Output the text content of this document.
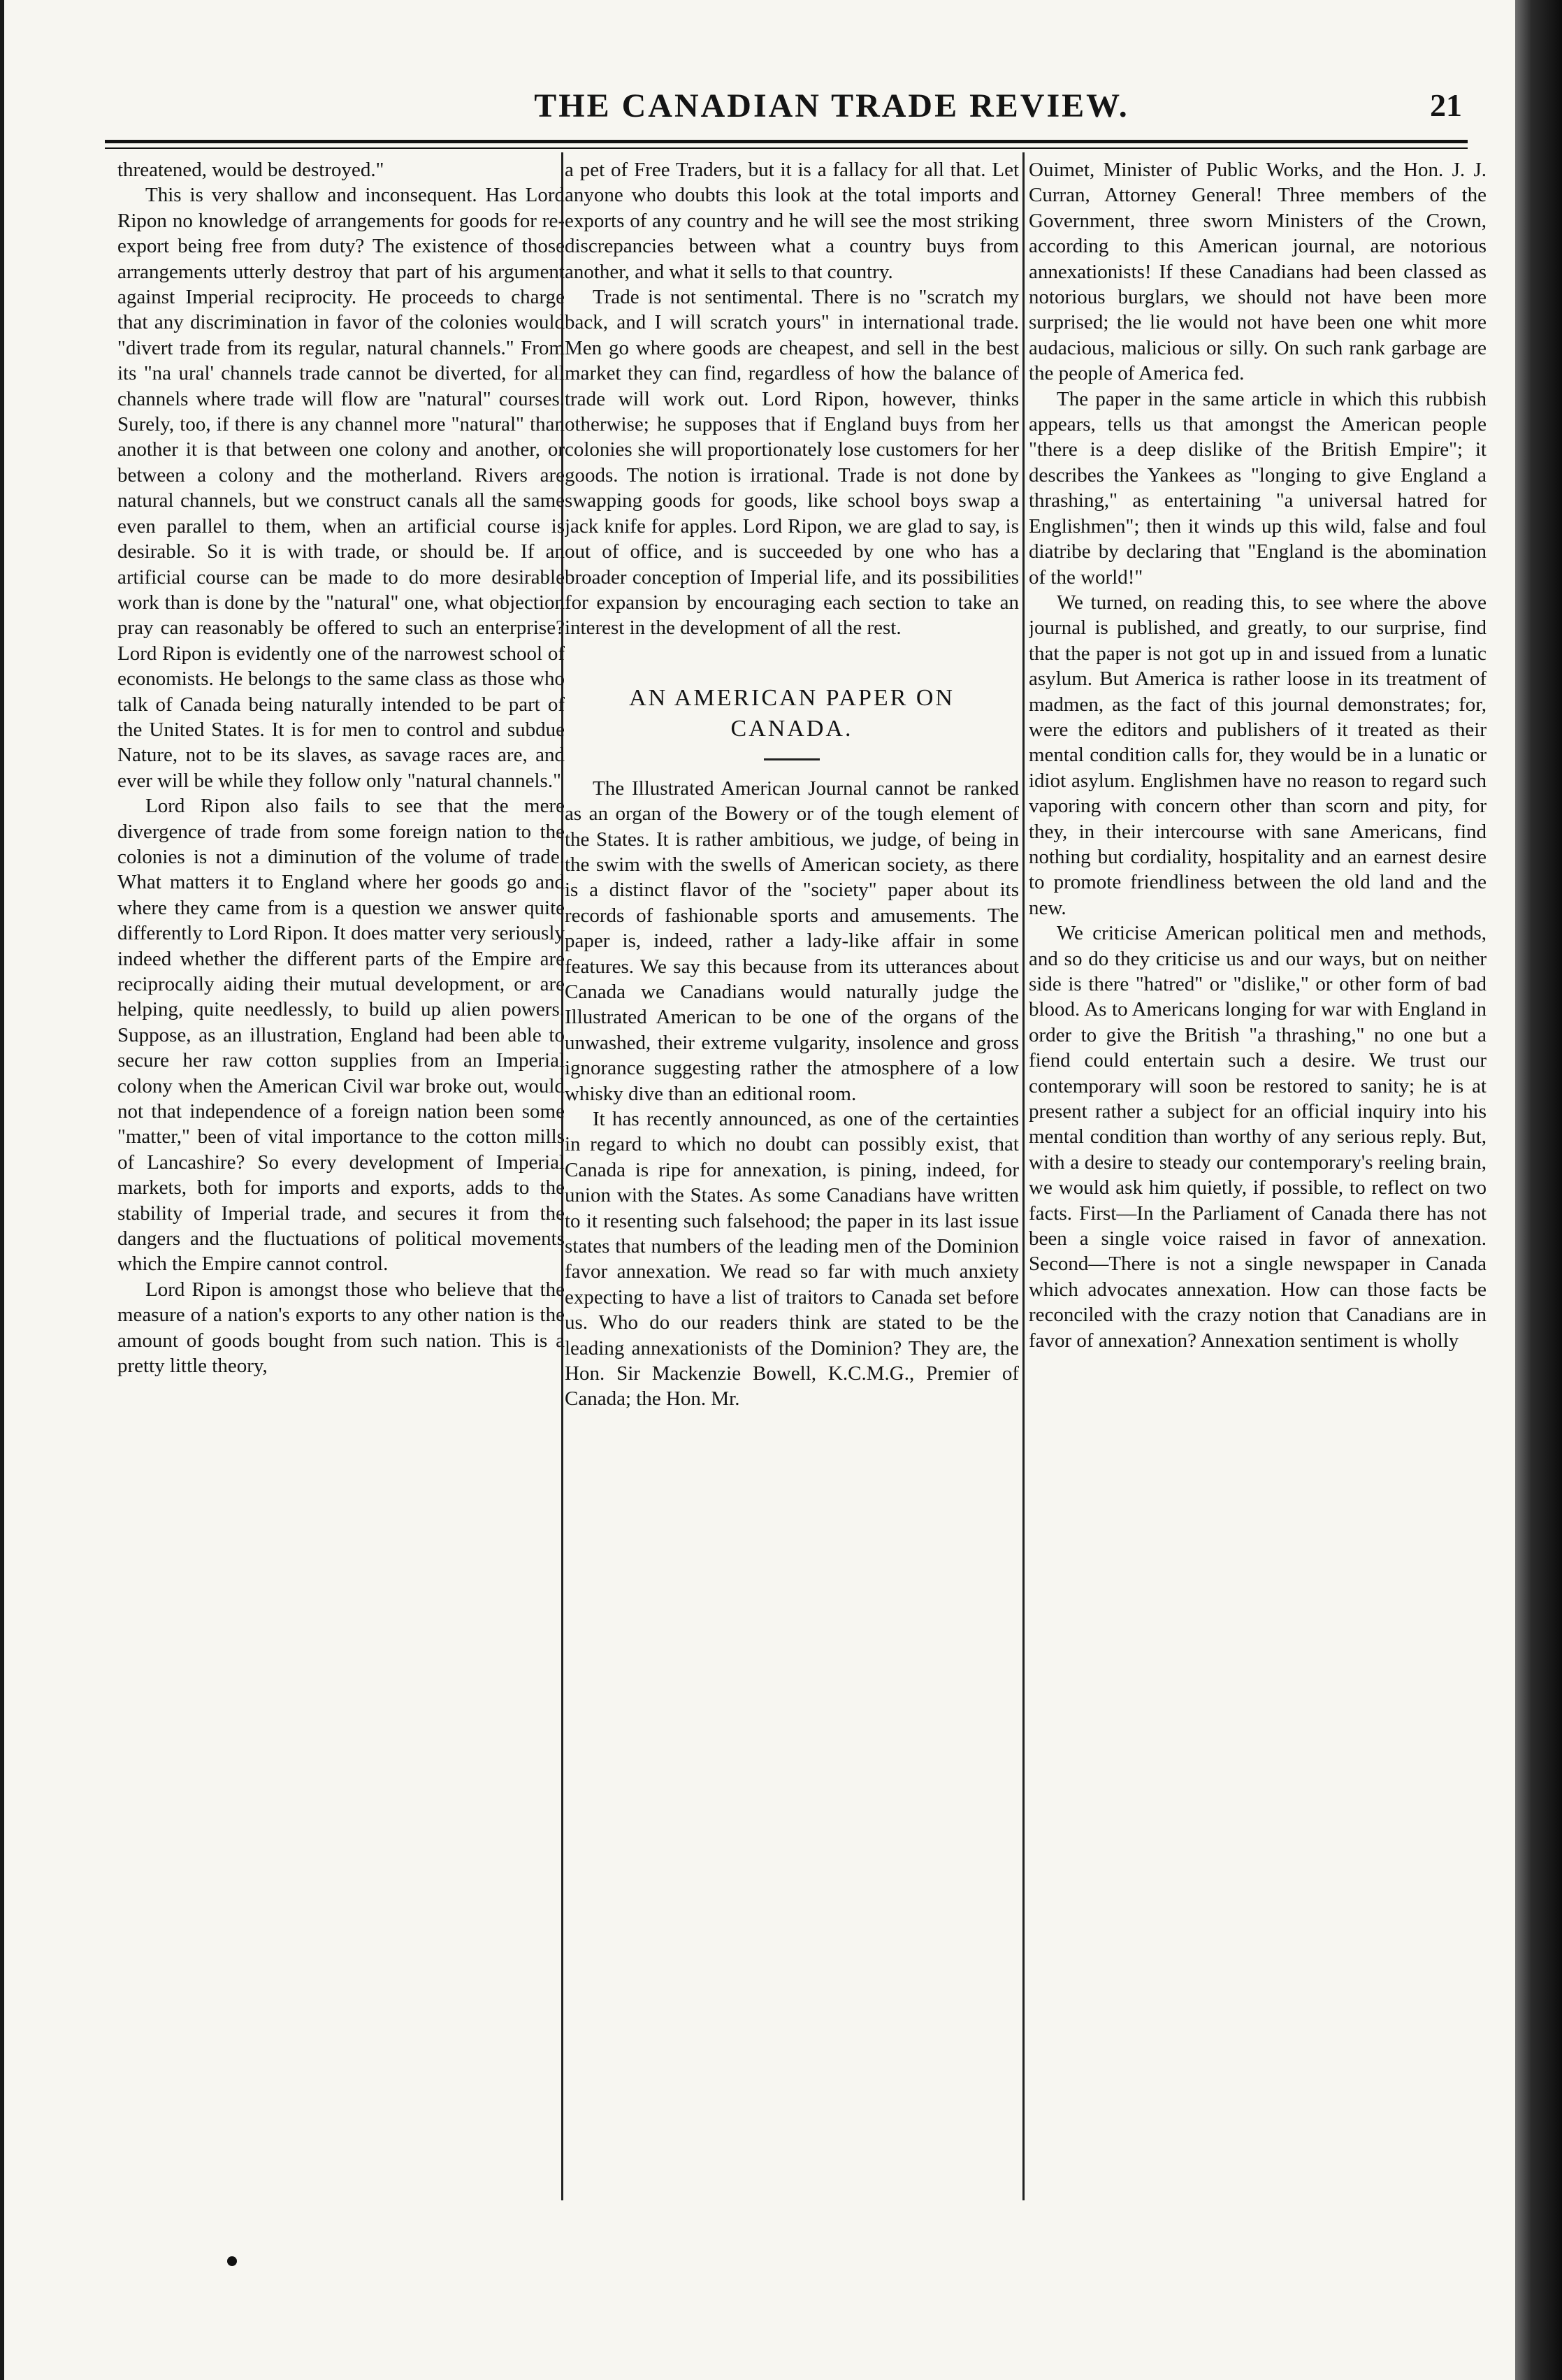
THE CANADIAN TRADE REVIEW.	21

threatened, would be destroyed."

This is very shallow and inconsequent. Has Lord Ripon no knowledge of arrangements for goods for re-export being free from duty? The existence of those arrangements utterly destroy that part of his argument against Imperial reciprocity. He proceeds to charge that any discrimination in favor of the colonies would "divert trade from its regular, natural channels." From its "na ural' channels trade cannot be diverted, for all channels where trade will flow are "natural" courses. Surely, too, if there is any channel more "natural" than another it is that between one colony and another, or between a colony and the motherland. Rivers are natural channels, but we construct canals all the same even parallel to them, when an artificial course is desirable. So it is with trade, or should be. If an artificial course can be made to do more desirable work than is done by the "natural" one, what objection pray can reasonably be offered to such an enterprise? Lord Ripon is evidently one of the narrowest school of economists. He belongs to the same class as those who talk of Canada being naturally intended to be part of the United States. It is for men to control and subdue Nature, not to be its slaves, as savage races are, and ever will be while they follow only "natural channels."

Lord Ripon also fails to see that the mere divergence of trade from some foreign nation to the colonies is not a diminution of the volume of trade. What matters it to England where her goods go and where they came from is a question we answer quite differently to Lord Ripon. It does matter very seriously indeed whether the different parts of the Empire are reciprocally aiding their mutual development, or are helping, quite needlessly, to build up alien powers. Suppose, as an illustration, England had been able to secure her raw cotton supplies from an Imperial colony when the American Civil war broke out, would not that independence of a foreign nation been some "matter," been of vital importance to the cotton mills of Lancashire? So every development of Imperial markets, both for imports and exports, adds to the stability of Imperial trade, and secures it from the dangers and the fluctuations of political movements which the Empire cannot control.

Lord Ripon is amongst those who believe that the measure of a nation's exports to any other nation is the amount of goods bought from such nation. This is a pretty little theory,

a pet of Free Traders, but it is a fallacy for all that. Let anyone who doubts this look at the total imports and exports of any country and he will see the most striking discrepancies between what a country buys from another, and what it sells to that country.

Trade is not sentimental. There is no "scratch my back, and I will scratch yours" in international trade. Men go where goods are cheapest, and sell in the best market they can find, regardless of how the balance of trade will work out. Lord Ripon, however, thinks otherwise; he supposes that if England buys from her colonies she will proportionately lose customers for her goods. The notion is irrational. Trade is not done by swapping goods for goods, like school boys swap a jack knife for apples. Lord Ripon, we are glad to say, is out of office, and is succeeded by one who has a broader conception of Imperial life, and its possibilities for expansion by encouraging each section to take an interest in the development of all the rest.

AN AMERICAN PAPER ON CANADA.

The Illustrated American Journal cannot be ranked as an organ of the Bowery or of the tough element of the States. It is rather ambitious, we judge, of being in the swim with the swells of American society, as there is a distinct flavor of the "society" paper about its records of fashionable sports and amusements. The paper is, indeed, rather a lady-like affair in some features. We say this because from its utterances about Canada we Canadians would naturally judge the Illustrated American to be one of the organs of the unwashed, their extreme vulgarity, insolence and gross ignorance suggesting rather the atmosphere of a low whisky dive than an editional room.

It has recently announced, as one of the certainties in regard to which no doubt can possibly exist, that Canada is ripe for annexation, is pining, indeed, for union with the States. As some Canadians have written to it resenting such falsehood; the paper in its last issue states that numbers of the leading men of the Dominion favor annexation. We read so far with much anxiety expecting to have a list of traitors to Canada set before us. Who do our readers think are stated to be the leading annexationists of the Dominion? They are, the Hon. Sir Mackenzie Bowell, K.C.M.G., Premier of Canada; the Hon. Mr.

Ouimet, Minister of Public Works, and the Hon. J. J. Curran, Attorney General! Three members of the Government, three sworn Ministers of the Crown, according to this American journal, are notorious annexationists! If these Canadians had been classed as notorious burglars, we should not have been more surprised; the lie would not have been one whit more audacious, malicious or silly. On such rank garbage are the people of America fed.

The paper in the same article in which this rubbish appears, tells us that amongst the American people "there is a deep dislike of the British Empire"; it describes the Yankees as "longing to give England a thrashing," as entertaining "a universal hatred for Englishmen"; then it winds up this wild, false and foul diatribe by declaring that "England is the abomination of the world!"

We turned, on reading this, to see where the above journal is published, and greatly, to our surprise, find that the paper is not got up in and issued from a lunatic asylum. But America is rather loose in its treatment of madmen, as the fact of this journal demonstrates; for, were the editors and publishers of it treated as their mental condition calls for, they would be in a lunatic or idiot asylum. Englishmen have no reason to regard such vaporing with concern other than scorn and pity, for they, in their intercourse with sane Americans, find nothing but cordiality, hospitality and an earnest desire to promote friendliness between the old land and the new.

We criticise American political men and methods, and so do they criticise us and our ways, but on neither side is there "hatred" or "dislike," or other form of bad blood. As to Americans longing for war with England in order to give the British "a thrashing," no one but a fiend could entertain such a desire. We trust our contemporary will soon be restored to sanity; he is at present rather a subject for an official inquiry into his mental condition than worthy of any serious reply. But, with a desire to steady our contemporary's reeling brain, we would ask him quietly, if possible, to reflect on two facts. First—In the Parliament of Canada there has not been a single voice raised in favor of annexation. Second—There is not a single newspaper in Canada which advocates annexation. How can those facts be reconciled with the crazy notion that Canadians are in favor of annexation? Annexation sentiment is wholly
